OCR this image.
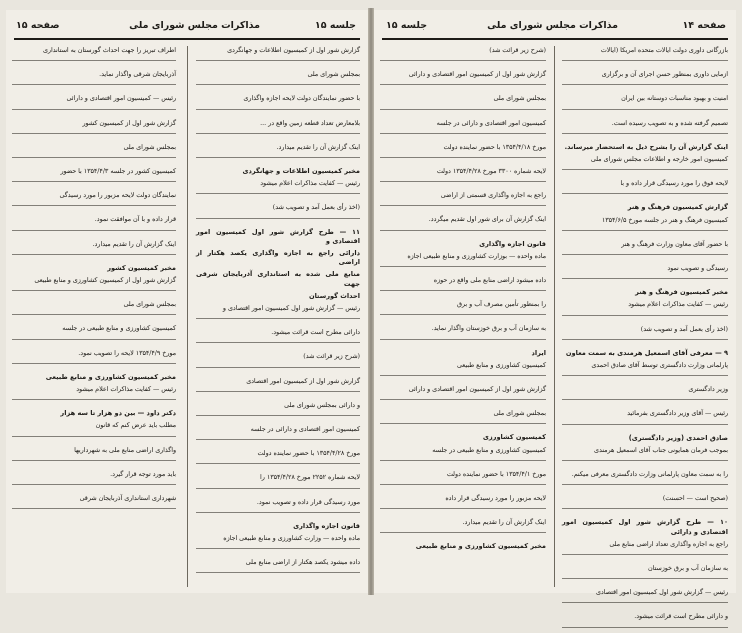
صفحه ۱۴
مذاکرات مجلس شورای ملی
جلسه ۱۵

بازرگانی داوری دولت ایالات متحده امریکا (ایالات

ازمایی داوری بمنظور حسن اجرای آن و برگزاری

امنیت و بهبود مناسبات دوستانه بین ایران

تصمیم گرفته شده و به تصویب رسیده است.

اینک گزارش آن را بشرح ذیل به استحضار میرساند.

کمیسیون امور خارجه و اطلاعات مجلس شورای ملی

لایحه فوق را مورد رسیدگی قرار داده و با

گزارش کمیسیون فرهنگ و هنر

کمیسیون فرهنگ و هنر در جلسه مورخ ۱۳۵۴/۶/۵

با حضور آقای معاون وزارت فرهنگ و هنر

رسیدگی و تصویب نمود

مخبر کمیسیون فرهنگ و هنر

رئیس — کفایت مذاکرات اعلام میشود

(اخذ رأی بعمل آمد و تصویب شد)

۹ — معرفی آقای اسمعیل هرمندی به سمت معاون

پارلمانی وزارت دادگستری توسط آقای صادق احمدی

وزیر دادگستری

رئیس — آقای وزیر دادگستری بفرمائید

صادق احمدی (وزیر دادگستری)

بموجب فرمان همایونی جناب آقای اسمعیل هرمندی

را به سمت معاون پارلمانی وزارت دادگستری معرفی میکنم.

(صحیح است — احسنت)

۱۰ — طرح گزارش شور اول کمیسیون امور اقتصادی و دارائی

راجع به اجازه واگذاری تعداد اراضی منابع ملی

به سازمان آب و برق خوزستان

رئیس — گزارش شور اول کمیسیون امور اقتصادی

و دارائی مطرح است قرائت میشود.

(شرح زیر قرائت شد)

گزارش شور اول از کمیسیون امور اقتصادی و دارائی

بمجلس شورای ملی

کمیسیون امور اقتصادی و دارائی در جلسه

مورخ ۱۳۵۴/۴/۱۸ با حضور نماینده دولت

لایحه شماره ۳۳۰۰ مورخ ۱۳۵۴/۴/۲۸ دولت

راجع به اجازه واگذاری قسمتی از اراضی

اینک گزارش آن برای شور اول تقدیم میگردد.

قانون اجازه واگذاری

ماده واحده — بوزارت کشاورزی و منابع طبیعی اجازه

داده میشود اراضی منابع ملی واقع در حوزه

را بمنظور تأمین مصرف آب و برق

به سازمان آب و برق خوزستان واگذار نماید.

ایراد

کمیسیون کشاورزی و منابع طبیعی

گزارش شور اول از کمیسیون امور اقتصادی و دارائی

بمجلس شورای ملی

کمیسیون کشاورزی

کمیسیون کشاورزی و منابع طبیعی در جلسه

مورخ ۱۳۵۴/۴/۱ با حضور نماینده دولت

لایحه مزبور را مورد رسیدگی قرار داده

اینک گزارش آن را تقدیم میدارد.

مخبر کمیسیون کشاورزی و منابع طبیعی

جلسه ۱۵
مذاکرات مجلس شورای ملی
صفحه ۱۵

گزارش شور اول از کمیسیون اطلاعات و جهانگردی

بمجلس شورای ملی

با حضور نمایندگان دولت لایحه اجازه واگذاری

بلامعارض تعداد قطعه زمین واقع در ...

اینک گزارش آن را تقدیم میدارد.

مخبر کمیسیون اطلاعات و جهانگردی

رئیس — کفایت مذاکرات اعلام میشود

(اخذ رأی بعمل آمد و تصویب شد)

۱۱ — طرح گزارش شور اول کمیسیون امور اقتصادی و

دارائی راجع به اجازه واگذاری یکصد هکتار از اراضی

منابع ملی شده به استانداری آذربایجان شرقی جهت

احداث گورستان

رئیس — گزارش شور اول کمیسیون امور اقتصادی و

دارائی مطرح است قرائت میشود.

(شرح زیر قرائت شد)

گزارش شور اول از کمیسیون امور اقتصادی

و دارائی بمجلس شورای ملی

کمیسیون امور اقتصادی و دارائی در جلسه

مورخ ۱۳۵۴/۴/۲۸ با حضور نماینده دولت

لایحه شماره ۲۲۵۲ مورخ ۱۳۵۴/۴/۲۸ را

مورد رسیدگی قرار داده و تصویب نمود.

قانون اجازه واگذاری

ماده واحده — وزارت کشاورزی و منابع طبیعی اجازه

داده میشود یکصد هکتار از اراضی منابع ملی

اطراف تبریز را جهت احداث گورستان به استانداری

آذربایجان شرقی واگذار نماید.

رئیس — کمیسیون امور اقتصادی و دارائی

گزارش شور اول از کمیسیون کشور

بمجلس شورای ملی

کمیسیون کشور در جلسه ۱۳۵۴/۴/۳ با حضور

نمایندگان دولت لایحه مزبور را مورد رسیدگی

قرار داده و با آن موافقت نمود.

اینک گزارش آن را تقدیم میدارد.

مخبر کمیسیون کشور

گزارش شور اول از کمیسیون کشاورزی و منابع طبیعی

بمجلس شورای ملی

کمیسیون کشاورزی و منابع طبیعی در جلسه

مورخ ۱۳۵۴/۴/۹ لایحه را تصویب نمود.

مخبر کمیسیون کشاورزی و منابع طبیعی

رئیس — کفایت مذاکرات اعلام میشود

دکتر داود — بین دو هزار تا سه هزار

مطلب باید عرض کنم که قانون

واگذاری اراضی منابع ملی به شهرداریها

باید مورد توجه قرار گیرد.

شهرداری استانداری آذربایجان شرقی
